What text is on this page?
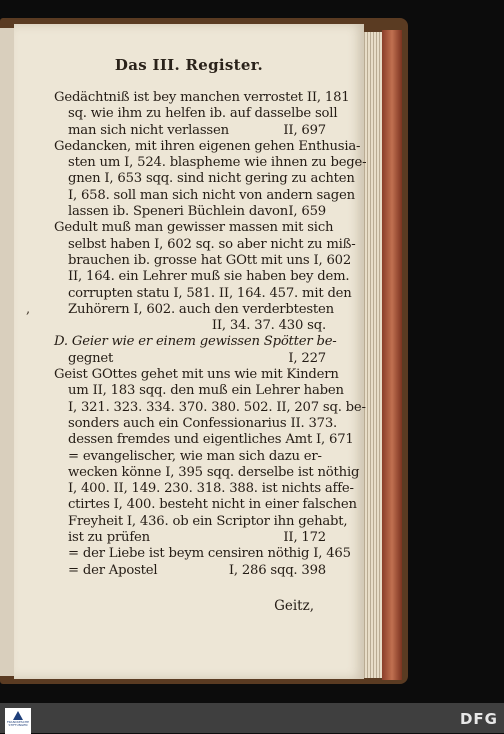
Das III. Register.
Gedächtniß ist bey manchen verrostet II, 181
sq. wie ihm zu helfen ib. auf dasselbe soll
man sich nicht verlassen	II, 697
Gedancken, mit ihren eigenen gehen Enthusia-
sten um I, 524. blaspheme wie ihnen zu bege-
gnen I, 653 sqq. sind nicht gering zu achten
I, 658. soll man sich nicht von andern sagen
lassen ib. Speneri Büchlein davon I, 659
Gedult muß man gewisser massen mit sich
selbst haben I, 602 sq. so aber nicht zu miß-
brauchen ib. grosse hat GOtt mit uns I, 602
II, 164. ein Lehrer muß sie haben bey dem.
corrupten statu I, 581. II, 164. 457. mit den
,	Zuhörern I, 602. auch den verderbtesten
II, 34. 37. 430 sq.
D. Geier wie er einem gewissen Spötter be-
gegnet	I, 227
Geist GOttes gehet mit uns wie mit Kindern
um II, 183 sqq. den muß ein Lehrer haben
I, 321. 323. 334. 370. 380. 502. II, 207 sq. be-
sonders auch ein Confessionarius II. 373.
dessen fremdes und eigentliches Amt I, 671
= evangelischer, wie man sich dazu er-
wecken könne I, 395 sqq. derselbe ist nöthig
I, 400. II, 149. 230. 318. 388. ist nichts affe-
ctirtes I, 400. besteht nicht in einer falschen
Freyheit I, 436. ob ein Scriptor ihn gehabt,
ist zu prüfen	II, 172
= der Liebe ist beym censiren nöthig I, 465
= der Apostel	I, 286 sqq. 398
Geitz,
FRANCKESCHE STIFTUNGEN	DFG
